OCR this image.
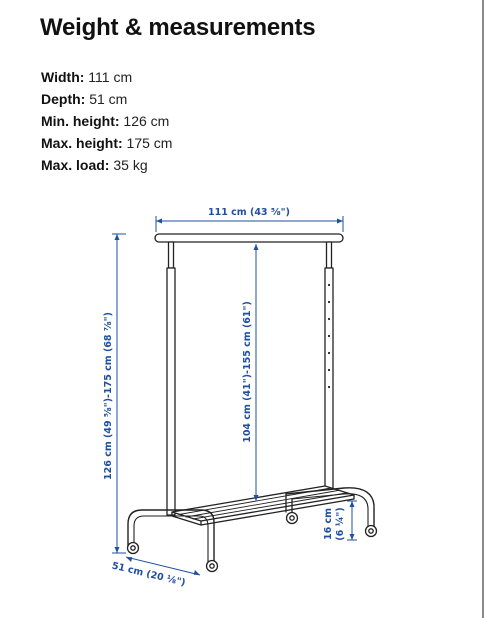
Weight & measurements
Width: 111 cm
Depth: 51 cm
Min. height: 126 cm
Max. height: 175 cm
Max. load: 35 kg
111 cm (43 ⅝")
126 cm (49 ⅝")-175 cm (68 ⅞")	104 cm (41")-155 cm (61")
16 cm (6 ¼")
51 cm (20 ⅛")
